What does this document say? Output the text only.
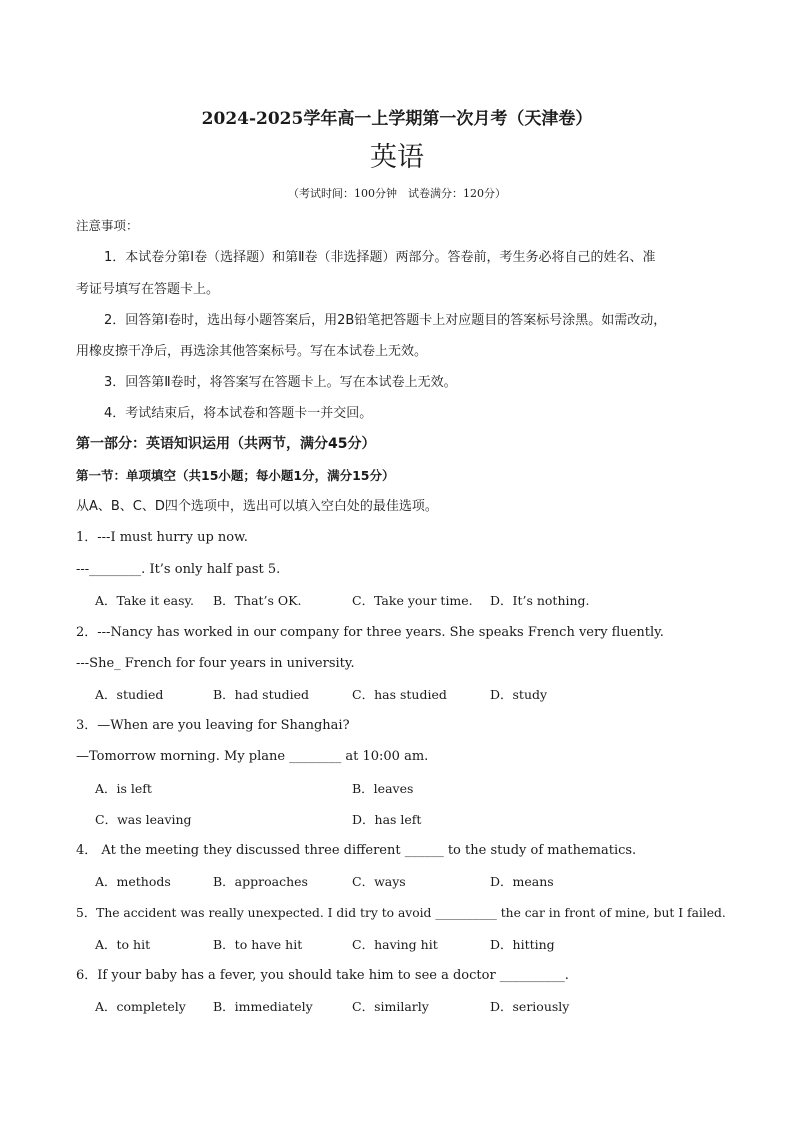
2024-2025学年高一上学期第一次月考（天津卷）
英语
（考试时间：100分钟　试卷满分：120分）
注意事项：
1．本试卷分第Ⅰ卷（选择题）和第Ⅱ卷（非选择题）两部分。答卷前，考生务必将自己的姓名、准
考证号填写在答题卡上。
2．回答第Ⅰ卷时，选出每小题答案后，用2B铅笔把答题卡上对应题目的答案标号涂黑。如需改动，
用橡皮擦干净后，再选涂其他答案标号。写在本试卷上无效。
3．回答第Ⅱ卷时，将答案写在答题卡上。写在本试卷上无效。
4．考试结束后，将本试卷和答题卡一并交回。
第一部分：英语知识运用（共两节，满分45分）
第一节：单项填空（共15小题；每小题1分，满分15分）
从A、B、C、D四个选项中，选出可以填入空白处的最佳选项。
1．---I must hurry up now.
---________. It’s only half past 5.
A．Take it easy. B．That’s OK.	C．Take your time. D．It’s nothing.
2．---Nancy has worked in our company for three years. She speaks French very fluently.
---She_ French for four years in university.
A．studied	B．had studied	C．has studied	D．study
3．—When are you leaving for Shanghai?
—Tomorrow morning. My plane ________ at 10:00 am.
A．is left	B．leaves
C．was leaving	D．has left
4． At the meeting they discussed three different ______ to the study of mathematics.
A．methods	B．approaches	C．ways	D．means
5．The accident was really unexpected. I did try to avoid __________ the car in front of mine, but I failed.
A．to hit	B．to have hit	C．having hit	D．hitting
6．If your baby has a fever, you should take him to see a doctor __________.
A．completely B．immediately	C．similarly	D．seriously
